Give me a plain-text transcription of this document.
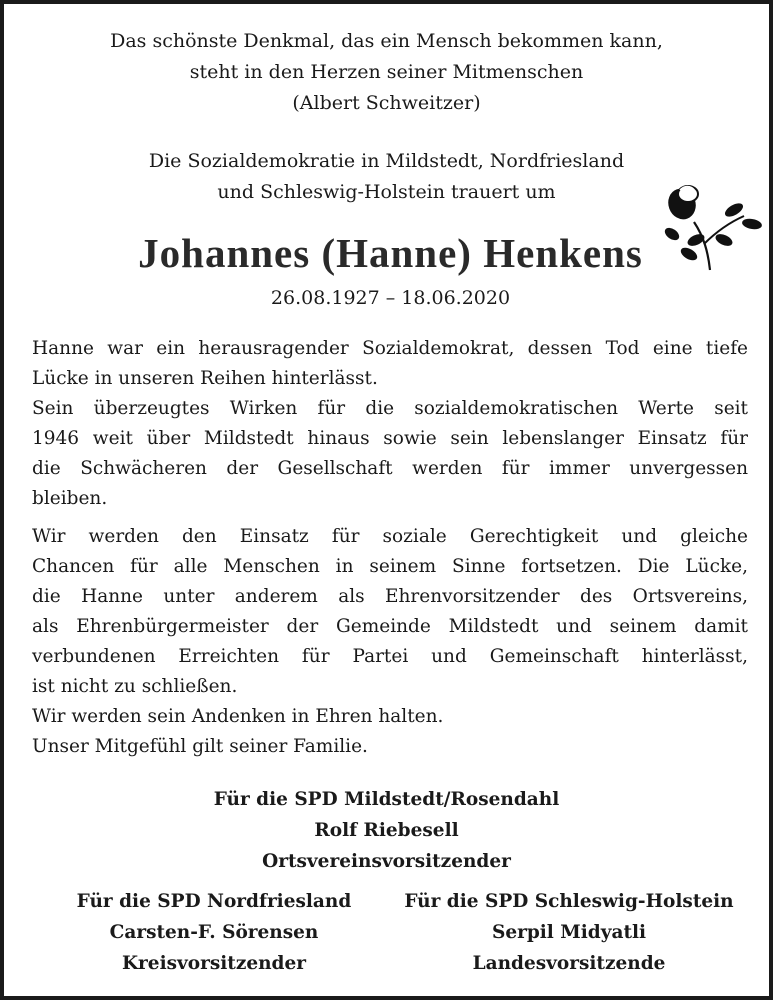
Das schönste Denkmal, das ein Mensch bekommen kann,
steht in den Herzen seiner Mitmenschen
(Albert Schweitzer)
Die Sozialdemokratie in Mildstedt, Nordfriesland
und Schleswig-Holstein trauert um
Johannes (Hanne) Henkens
26.08.1927 – 18.06.2020
Hanne war ein herausragender Sozialdemokrat, dessen Tod eine tiefe
Lücke in unseren Reihen hinterlässt.
Sein überzeugtes Wirken für die sozialdemokratischen Werte seit
1946 weit über Mildstedt hinaus sowie sein lebenslanger Einsatz für
die Schwächeren der Gesellschaft werden für immer unvergessen
bleiben.
Wir werden den Einsatz für soziale Gerechtigkeit und gleiche
Chancen für alle Menschen in seinem Sinne fortsetzen. Die Lücke,
die Hanne unter anderem als Ehrenvorsitzender des Ortsvereins,
als Ehrenbürgermeister der Gemeinde Mildstedt und seinem damit
verbundenen Erreichten für Partei und Gemeinschaft hinterlässt,
ist nicht zu schließen.
Wir werden sein Andenken in Ehren halten.
Unser Mitgefühl gilt seiner Familie.
Für die SPD Mildstedt/Rosendahl
Rolf Riebesell
Ortsvereinsvorsitzender
Für die SPD Nordfriesland
Carsten-F. Sörensen
Kreisvorsitzender
Für die SPD Schleswig-Holstein
Serpil Midyatli
Landesvorsitzende
